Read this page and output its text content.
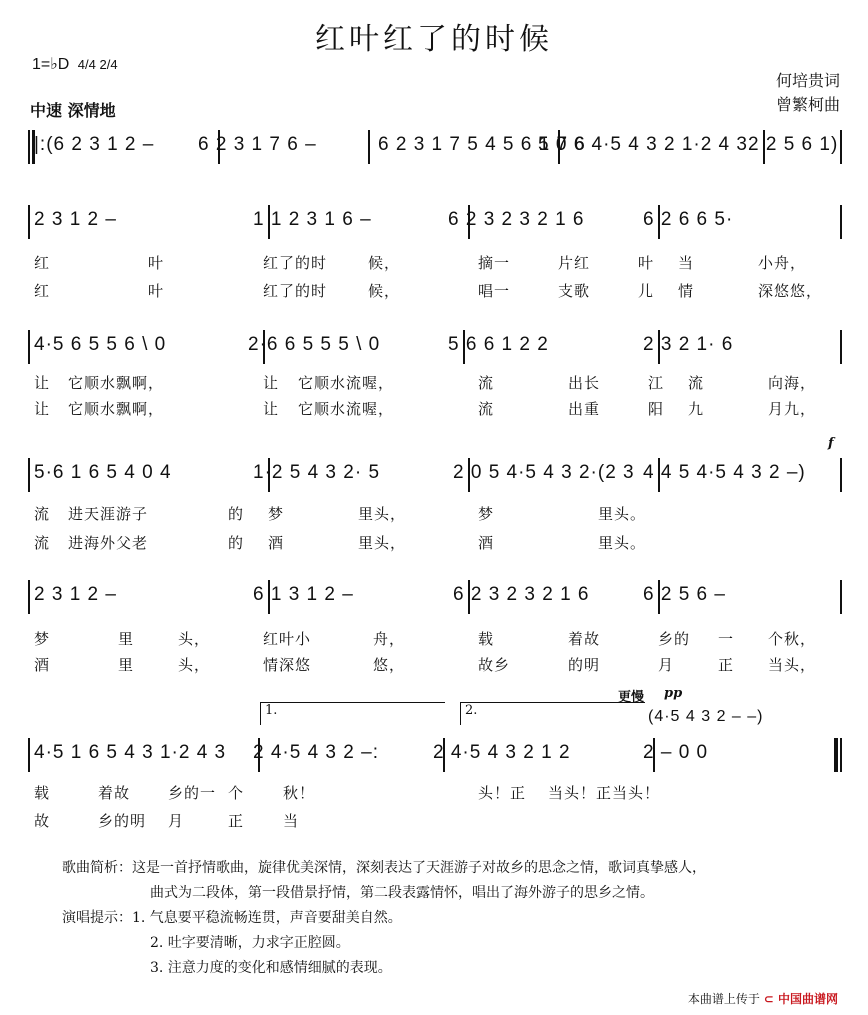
红叶红了的时候
1=♭D 4/4 2/4
何培贵词
曾繁柯曲
中速 深情地
|:(6 2 3 1 2 – 6 2 3 1 7 6 –	6 2 3 1 7 5 4 5 6 1 7 6
5 0 6 4·5 4 3 2 1·2 4 3 2 2 5 6 1)
2 3 1 2 –	1 1 2 3 1 6 –	6 2 3 2 3 2 1 6	6 2 6 6 5·
红	叶	红了的时	候，	摘一	片红	叶 当	小舟，
红	叶	红了的时	候，	唱一	支歌	儿 情	深悠悠，
4·5 6 5 5 6 \ 0	2·6 6 5 5 5 \ 0	5 6 6 1 2 2	2 3 2 1· 6
让 它顺水飘啊，	让 它顺水流喔，	流	出长	江 流	向海，
让 它顺水飘啊，	让 它顺水流喔，	流	出重	阳 九	月九，
5·6 1 6 5 4 0 4	1·2 5 4 3 2· 5	2 0 5 4·5 4 3 2·(2 3 4 4 5 4·5 4 3 2 –)
f
流 进天涯游子	的 梦	里头，	梦	里头。
流 进海外父老	的 酒	里头，	酒	里头。
2 3 1 2 –	6 1 3 1 2 –	6 2 3 2 3 2 1 6	6 2 5 6 –
梦	里	头，	红叶小	舟，	载	着故	乡的 一 个秋，
酒	里	头，	情深悠	悠，	故乡	的明	月	正 当头，
4·5 1 6 5 4 3 1·2 4 3 2 4·5 4 3 2 –:	2 4·5 4 3 2 1 2	2 – 0 0
1.	2.
更慢 pp
(4·5 4 3 2 – –)
载	着故	乡的一 个	秋！	头！正 当头！正当头！
故	乡的明 月	正	当
歌曲简析：这是一首抒情歌曲，旋律优美深情，深刻表达了天涯游子对故乡的思念之情，歌词真挚感人，
曲式为二段体，第一段借景抒情，第二段表露情怀，唱出了海外游子的思乡之情。
演唱提示：1. 气息要平稳流畅连贯，声音要甜美自然。
2. 吐字要清晰，力求字正腔圆。
3. 注意力度的变化和感情细腻的表现。
本曲谱上传于 ⊂ 中国曲谱网
